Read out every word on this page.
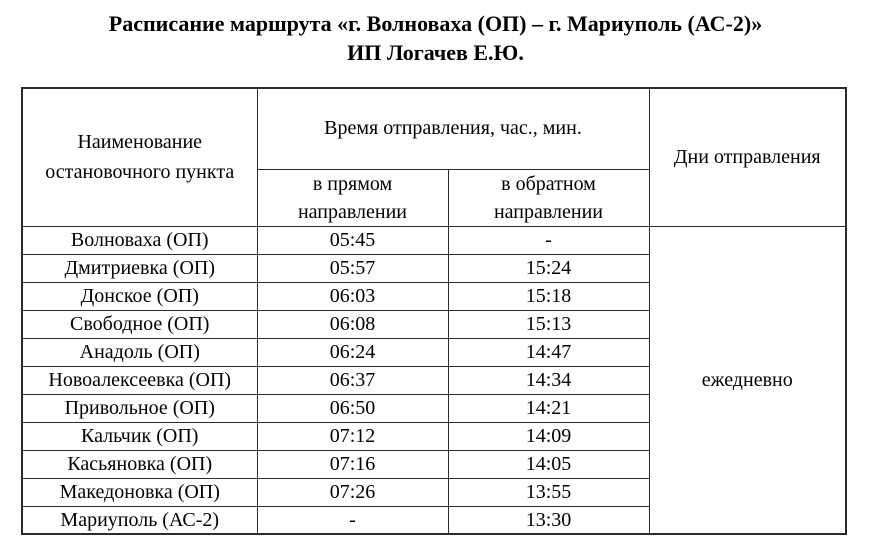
Расписание маршрута «г. Волноваха (ОП) – г. Мариуполь (АС-2)»
ИП Логачев Е.Ю.
Наименование остановочного пункта	Время отправления, час., мин.		Дни отправления
	в прямом направлении	в обратном направлении	
Волноваха (ОП)	05:45	-	ежедневно
Дмитриевка (ОП)	05:57	15:24	
Донское (ОП)	06:03	15:18	
Свободное (ОП)	06:08	15:13	
Анадоль (ОП)	06:24	14:47	
Новоалексеевка (ОП)	06:37	14:34	
Привольное (ОП)	06:50	14:21	
Кальчик (ОП)	07:12	14:09	
Касьяновка (ОП)	07:16	14:05	
Македоновка (ОП)	07:26	13:55	
Мариуполь (АС-2)	-	13:30	
